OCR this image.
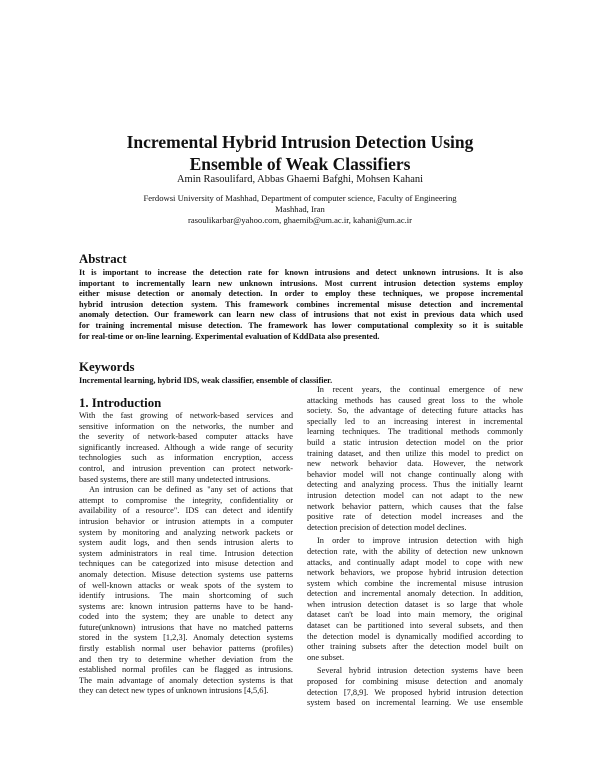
Incremental Hybrid Intrusion Detection Using
Ensemble of Weak Classifiers
Amin Rasoulifard, Abbas Ghaemi Bafghi, Mohsen Kahani
Ferdowsi University of Mashhad, Department of computer science, Faculty of Engineering
Mashhad, Iran
rasoulikarbar@yahoo.com, ghaemib@um.ac.ir, kahani@um.ac.ir
Abstract
It is important to increase the detection rate for known intrusions and detect unknown intrusions. It is also
important to incrementally learn new unknown intrusions. Most current intrusion detection systems employ
either misuse detection or anomaly detection. In order to employ these techniques, we propose incremental
hybrid intrusion detection system. This framework combines incremental misuse detection and incremental
anomaly detection. Our framework can learn new class of intrusions that not exist in previous data which used
for training incremental misuse detection. The framework has lower computational complexity so it is suitable
for real-time or on-line learning. Experimental evaluation of KddData also presented.
Keywords
Incremental learning, hybrid IDS, weak classifier, ensemble of classifier.
1. Introduction
With the fast growing of network-based services and
sensitive information on the networks, the number and
the severity of network-based computer attacks have
significantly increased. Although a wide range of security
technologies such as information encryption, access
control, and intrusion prevention can protect network-
based systems, there are still many undetected intrusions.
An intrusion can be defined as "any set of actions that
attempt to compromise the integrity, confidentiality or
availability of a resource". IDS can detect and identify
intrusion behavior or intrusion attempts in a computer
system by monitoring and analyzing network packets or
system audit logs, and then sends intrusion alerts to
system administrators in real time. Intrusion detection
techniques can be categorized into misuse detection and
anomaly detection. Misuse detection systems use patterns
of well-known attacks or weak spots of the system to
identify intrusions. The main shortcoming of such
systems are: known intrusion patterns have to be hand-
coded into the system; they are unable to detect any
future(unknown) intrusions that have no matched patterns
stored in the system [1,2,3]. Anomaly detection systems
firstly establish normal user behavior patterns (profiles)
and then try to determine whether deviation from the
established normal profiles can be flagged as intrusions.
The main advantage of anomaly detection systems is that
they can detect new types of unknown intrusions [4,5,6].
In recent years, the continual emergence of new
attacking methods has caused great loss to the whole
society. So, the advantage of detecting future attacks has
specially led to an increasing interest in incremental
learning techniques. The traditional methods commonly
build a static intrusion detection model on the prior
training dataset, and then utilize this model to predict on
new network behavior data. However, the network
behavior model will not change continually along with
detecting and analyzing process. Thus the initially learnt
intrusion detection model can not adapt to the new
network behavior pattern, which causes that the false
positive rate of detection model increases and the
detection precision of detection model declines.
In order to improve intrusion detection with high
detection rate, with the ability of detection new unknown
attacks, and continually adapt model to cope with new
network behaviors, we propose hybrid intrusion detection
system which combine the incremental misuse intrusion
detection and incremental anomaly detection. In addition,
when intrusion detection dataset is so large that whole
dataset can't be load into main memory, the original
dataset can be partitioned into several subsets, and then
the detection model is dynamically modified according to
other training subsets after the detection model built on
one subset.
Several hybrid intrusion detection systems have been
proposed for combining misuse detection and anomaly
detection [7,8,9]. We proposed hybrid intrusion detection
system based on incremental learning. We use ensemble
